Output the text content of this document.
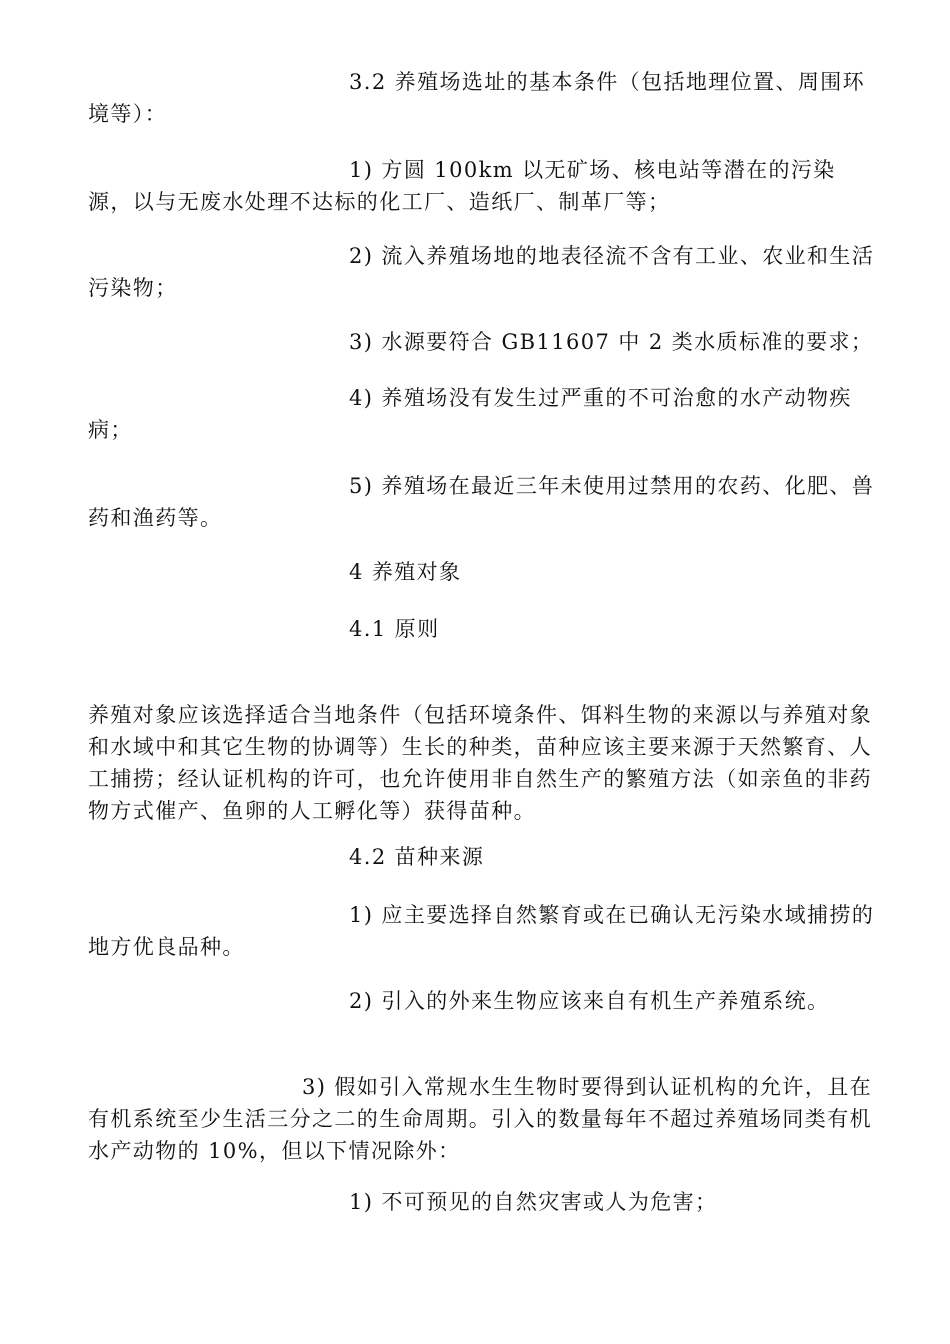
3.2 养殖场选址的基本条件（包括地理位置、周围环境等）：

1) 方圆 100km 以无矿场、核电站等潜在的污染源，以与无废水处理不达标的化工厂、造纸厂、制革厂等；

2) 流入养殖场地的地表径流不含有工业、农业和生活污染物；

3) 水源要符合 GB11607 中 2 类水质标准的要求；

4) 养殖场没有发生过严重的不可治愈的水产动物疾病；

5) 养殖场在最近三年未使用过禁用的农药、化肥、兽药和渔药等。

4 养殖对象

4.1 原则

养殖对象应该选择适合当地条件（包括环境条件、饵料生物的来源以与养殖对象和水域中和其它生物的协调等）生长的种类，苗种应该主要来源于天然繁育、人工捕捞；经认证机构的许可，也允许使用非自然生产的繁殖方法（如亲鱼的非药物方式催产、鱼卵的人工孵化等）获得苗种。

4.2 苗种来源

1) 应主要选择自然繁育或在已确认无污染水域捕捞的地方优良品种。

2) 引入的外来生物应该来自有机生产养殖系统。

3) 假如引入常规水生生物时要得到认证机构的允许，且在有机系统至少生活三分之二的生命周期。引入的数量每年不超过养殖场同类有机水产动物的 10%，但以下情况除外：

1) 不可预见的自然灾害或人为危害；
